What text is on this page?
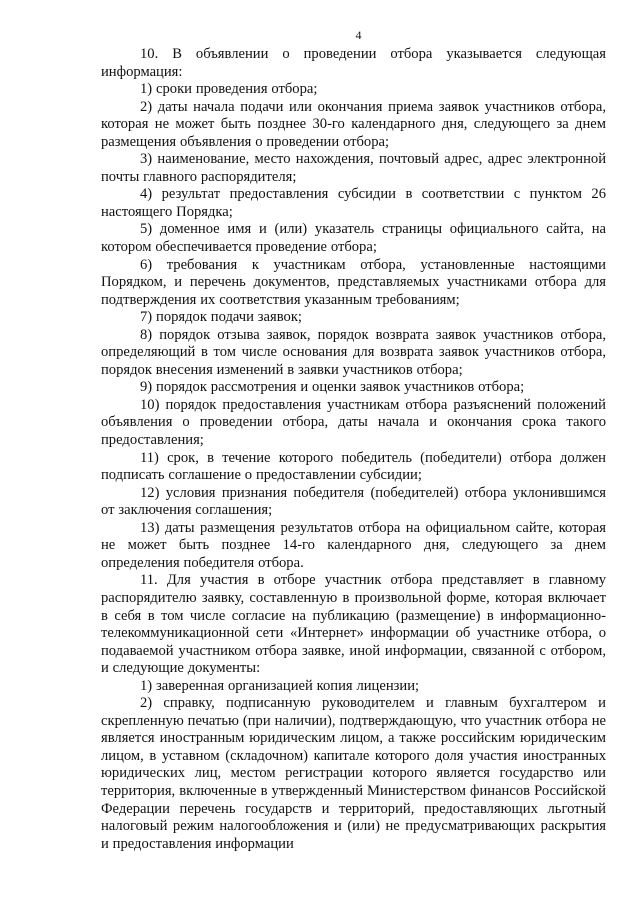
4

10. В объявлении о проведении отбора указывается следующая информация:

1) сроки проведения отбора;

2) даты начала подачи или окончания приема заявок участников отбора, которая не может быть позднее 30-го календарного дня, следующего за днем размещения объявления о проведении отбора;

3) наименование, место нахождения, почтовый адрес, адрес электронной почты главного распорядителя;

4) результат предоставления субсидии в соответствии с пунктом 26 настоящего Порядка;

5) доменное имя и (или) указатель страницы официального сайта, на котором обеспечивается проведение отбора;

6) требования к участникам отбора, установленные настоящими Порядком, и перечень документов, представляемых участниками отбора для подтверждения их соответствия указанным требованиям;

7) порядок подачи заявок;

8) порядок отзыва заявок, порядок возврата заявок участников отбора, определяющий в том числе основания для возврата заявок участников отбора, порядок внесения изменений в заявки участников отбора;

9) порядок рассмотрения и оценки заявок участников отбора;

10) порядок предоставления участникам отбора разъяснений положений объявления о проведении отбора, даты начала и окончания срока такого предоставления;

11) срок, в течение которого победитель (победители) отбора должен подписать соглашение о предоставлении субсидии;

12) условия признания победителя (победителей) отбора уклонившимся от заключения соглашения;

13) даты размещения результатов отбора на официальном сайте, которая не может быть позднее 14-го календарного дня, следующего за днем определения победителя отбора.

11. Для участия в отборе участник отбора представляет в главному распорядителю заявку, составленную в произвольной форме, которая включает в себя в том числе согласие на публикацию (размещение) в информационно-телекоммуникационной сети «Интернет» информации об участнике отбора, о подаваемой участником отбора заявке, иной информации, связанной с отбором, и следующие документы:

1) заверенная организацией копия лицензии;

2) справку, подписанную руководителем и главным бухгалтером и скрепленную печатью (при наличии), подтверждающую, что участник отбора не является иностранным юридическим лицом, а также российским юридическим лицом, в уставном (складочном) капитале которого доля участия иностранных юридических лиц, местом регистрации которого является государство или территория, включенные в утвержденный Министерством финансов Российской Федерации перечень государств и территорий, предоставляющих льготный налоговый режим налогообложения и (или) не предусматривающих раскрытия и предоставления информации
